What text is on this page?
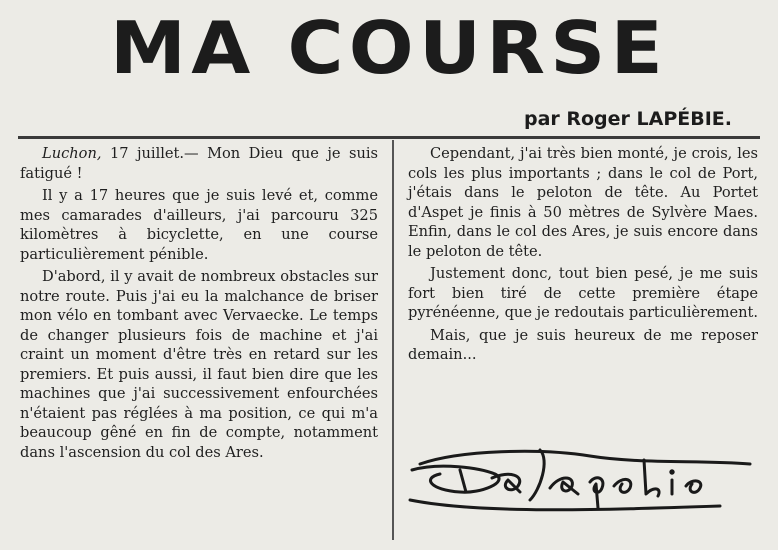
MA COURSE
par Roger LAPÉBIE.

Luchon, 17 juillet.— Mon Dieu que je suis fatigué !

Il y a 17 heures que je suis levé et, comme mes camarades d'ailleurs, j'ai parcouru 325 kilomètres à bicyclette, en une course particulièrement pénible.

D'abord, il y avait de nombreux obstacles sur notre route. Puis j'ai eu la malchance de briser mon vélo en tombant avec Vervaecke. Le temps de changer plusieurs fois de machine et j'ai craint un moment d'être très en retard sur les premiers. Et puis aussi, il faut bien dire que les machines que j'ai successivement enfourchées n'étaient pas réglées à ma position, ce qui m'a beaucoup gêné en fin de compte, notamment dans l'ascension du col des Ares.

Cependant, j'ai très bien monté, je crois, les cols les plus importants ; dans le col de Port, j'étais dans le peloton de tête. Au Portet d'Aspet je finis à 50 mètres de Sylvère Maes. Enfin, dans le col des Ares, je suis encore dans le peloton de tête.

Justement donc, tout bien pesé, je me suis fort bien tiré de cette première étape pyrénéenne, que je redoutais particulièrement.

Mais, que je suis heureux de me reposer demain...
